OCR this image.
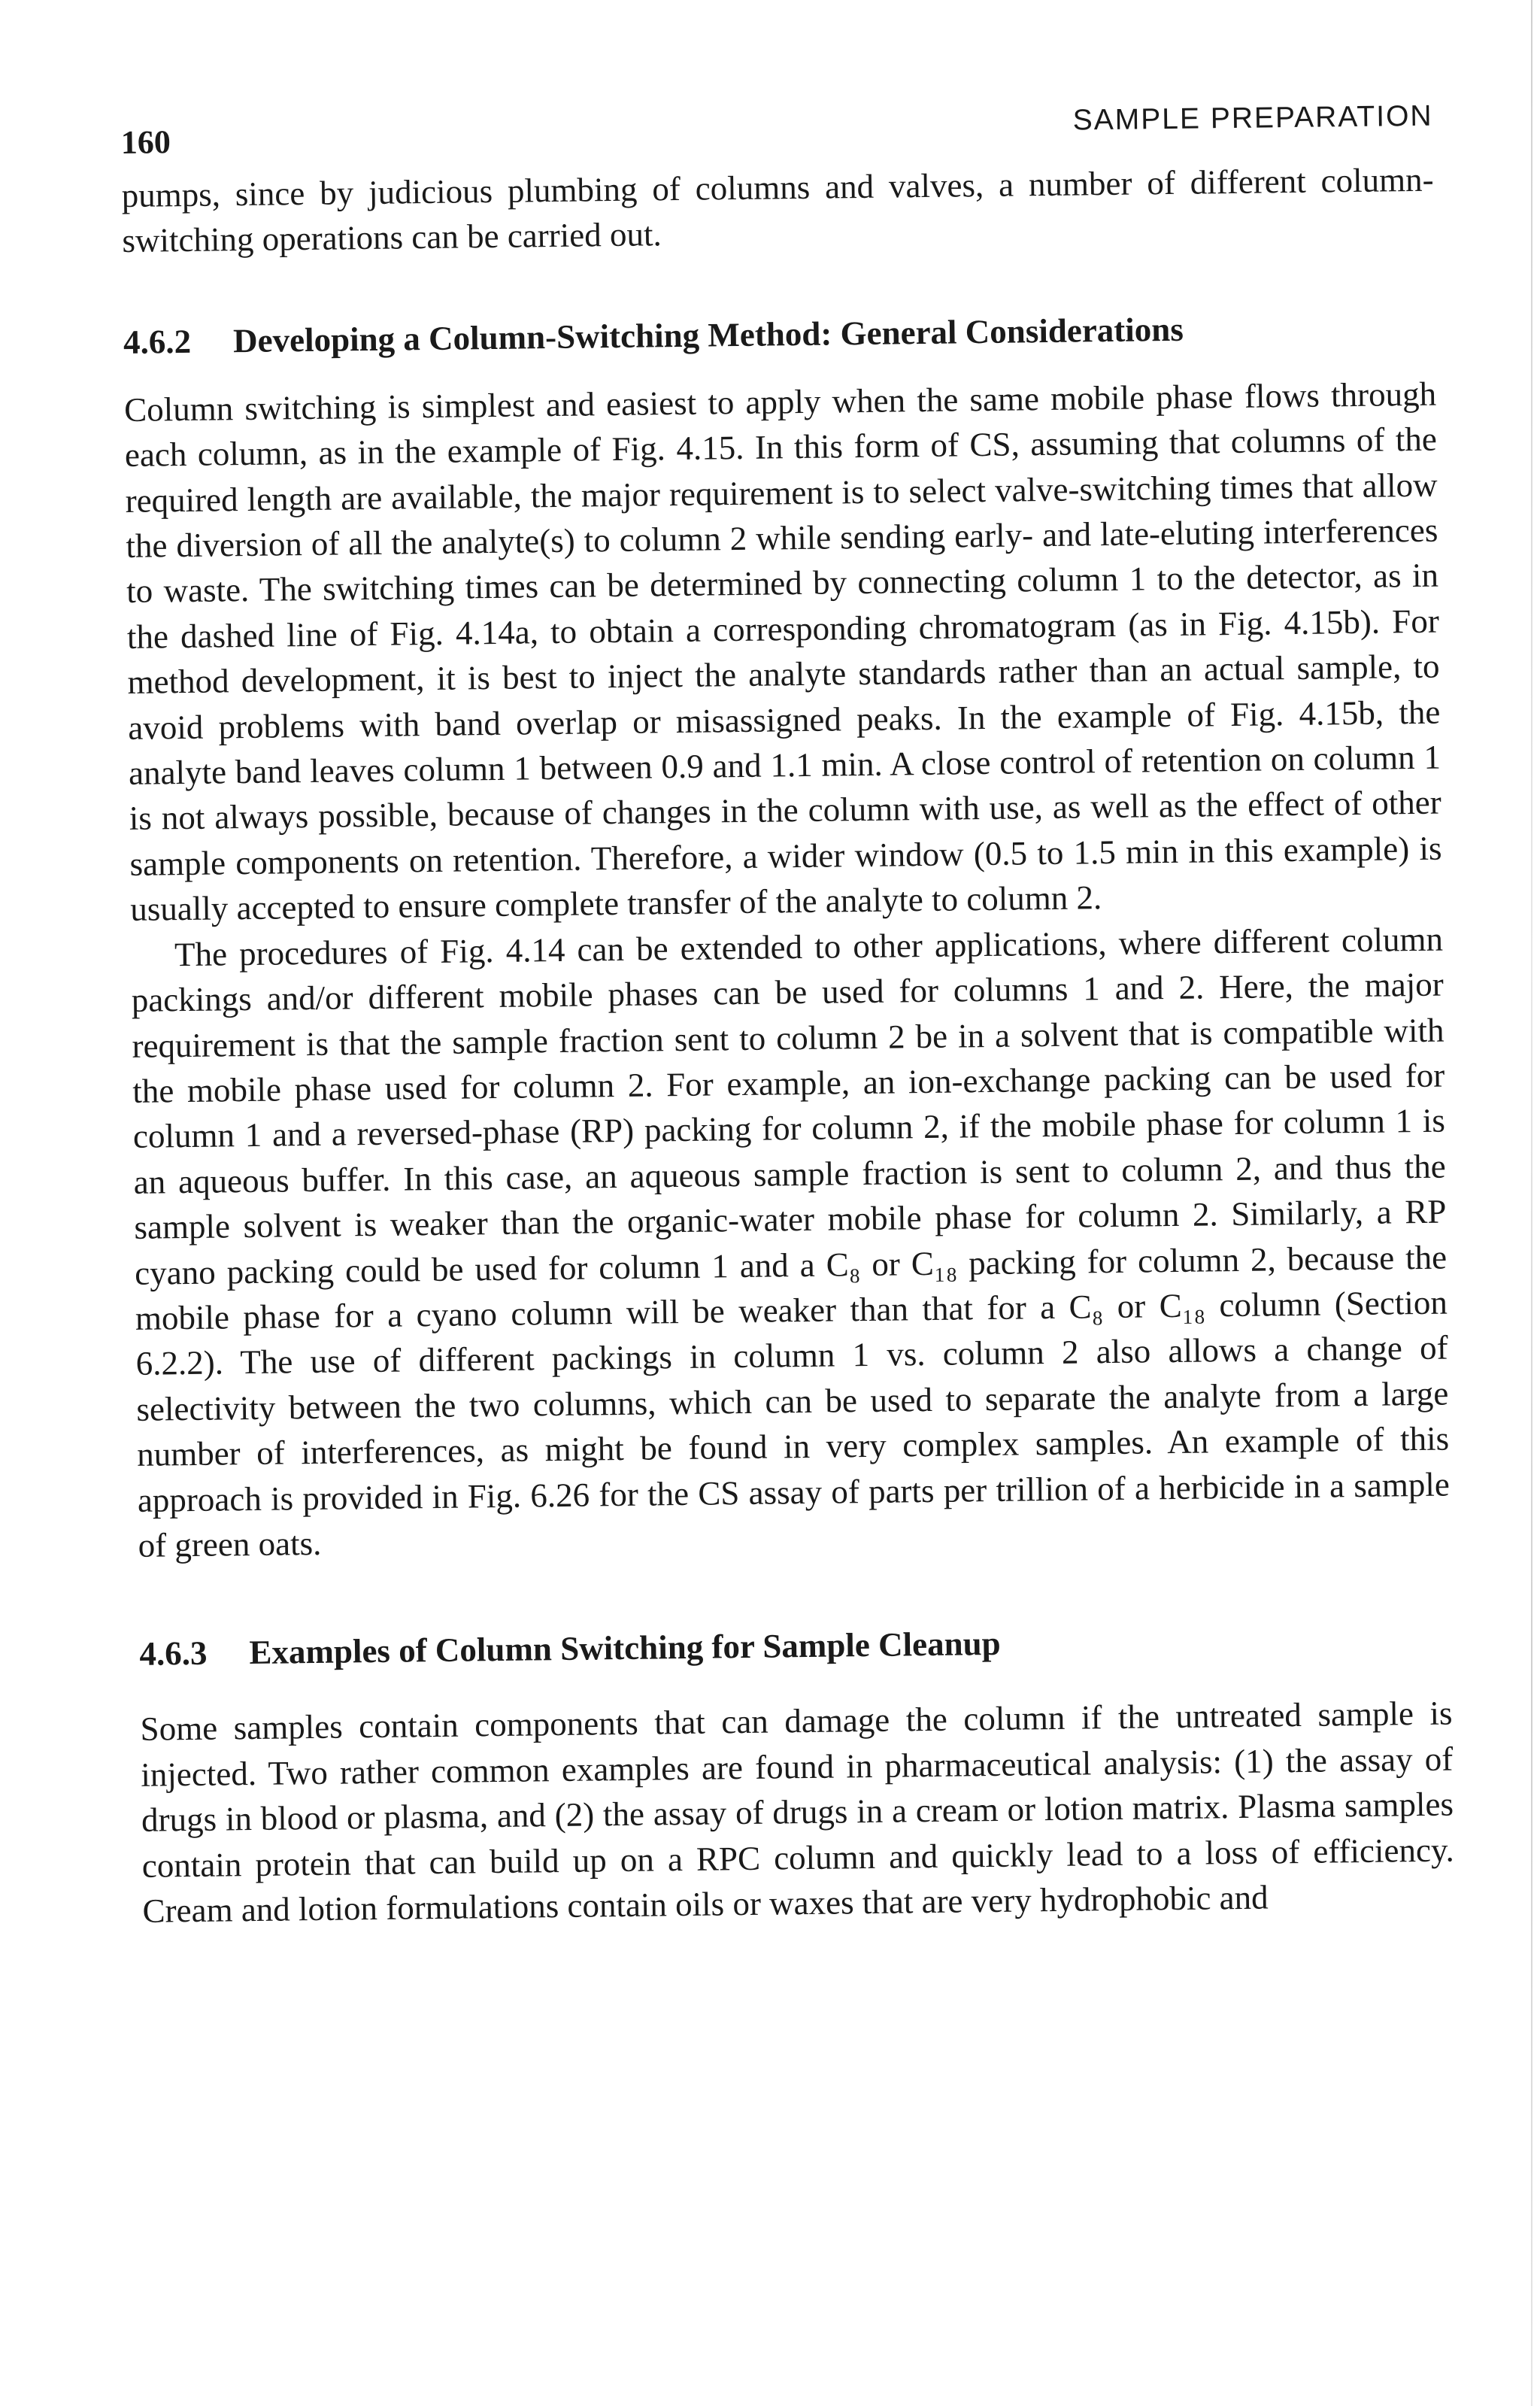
160
SAMPLE PREPARATION

pumps, since by judicious plumbing of columns and valves, a number of different column-switching operations can be carried out.

4.6.2 Developing a Column-Switching Method: General Considerations

Column switching is simplest and easiest to apply when the same mobile phase flows through each column, as in the example of Fig. 4.15. In this form of CS, assuming that columns of the required length are available, the major requirement is to select valve-switching times that allow the diversion of all the analyte(s) to column 2 while sending early- and late-eluting interferences to waste. The switching times can be determined by connecting column 1 to the detector, as in the dashed line of Fig. 4.14a, to obtain a corresponding chromatogram (as in Fig. 4.15b). For method development, it is best to inject the analyte standards rather than an actual sample, to avoid problems with band overlap or misassigned peaks. In the example of Fig. 4.15b, the analyte band leaves column 1 between 0.9 and 1.1 min. A close control of retention on column 1 is not always possible, because of changes in the column with use, as well as the effect of other sample components on retention. Therefore, a wider window (0.5 to 1.5 min in this example) is usually accepted to ensure complete transfer of the analyte to column 2.

The procedures of Fig. 4.14 can be extended to other applications, where different column packings and/or different mobile phases can be used for columns 1 and 2. Here, the major requirement is that the sample fraction sent to column 2 be in a solvent that is compatible with the mobile phase used for column 2. For example, an ion-exchange packing can be used for column 1 and a reversed-phase (RP) packing for column 2, if the mobile phase for column 1 is an aqueous buffer. In this case, an aqueous sample fraction is sent to column 2, and thus the sample solvent is weaker than the organic-water mobile phase for column 2. Similarly, a RP cyano packing could be used for column 1 and a C₈ or C₁₈ packing for column 2, because the mobile phase for a cyano column will be weaker than that for a C₈ or C₁₈ column (Section 6.2.2). The use of different packings in column 1 vs. column 2 also allows a change of selectivity between the two columns, which can be used to separate the analyte from a large number of interferences, as might be found in very complex samples. An example of this approach is provided in Fig. 6.26 for the CS assay of parts per trillion of a herbicide in a sample of green oats.

4.6.3 Examples of Column Switching for Sample Cleanup

Some samples contain components that can damage the column if the untreated sample is injected. Two rather common examples are found in pharmaceutical analysis: (1) the assay of drugs in blood or plasma, and (2) the assay of drugs in a cream or lotion matrix. Plasma samples contain protein that can build up on a RPC column and quickly lead to a loss of efficiency. Cream and lotion formulations contain oils or waxes that are very hydrophobic and
